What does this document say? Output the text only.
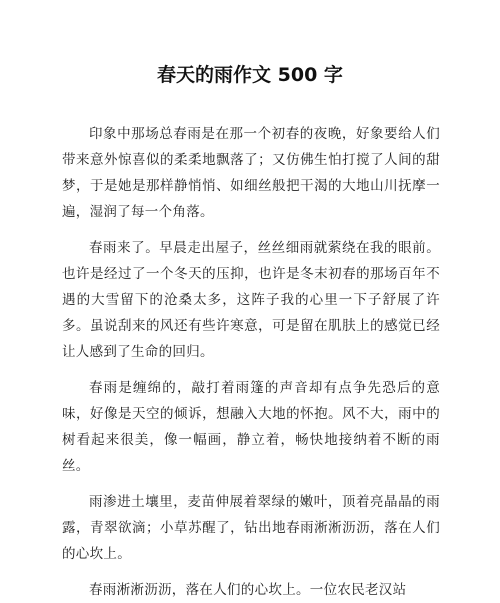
春天的雨作文 500 字

印象中那场总春雨是在那一个初春的夜晚，好象要给人们带来意外惊喜似的柔柔地飘落了；又仿佛生怕打搅了人间的甜梦，于是她是那样静悄悄、如细丝般把干渴的大地山川抚摩一遍，湿润了每一个角落。

春雨来了。早晨走出屋子，丝丝细雨就萦绕在我的眼前。也许是经过了一个冬天的压抑，也许是冬末初春的那场百年不遇的大雪留下的沧桑太多，这阵子我的心里一下子舒展了许多。虽说刮来的风还有些许寒意，可是留在肌肤上的感觉已经让人感到了生命的回归。

春雨是缠绵的，敲打着雨篷的声音却有点争先恐后的意味，好像是天空的倾诉，想融入大地的怀抱。风不大，雨中的树看起来很美，像一幅画，静立着，畅快地接纳着不断的雨丝。

雨渗进土壤里，麦苗伸展着翠绿的嫩叶，顶着亮晶晶的雨露，青翠欲滴；小草苏醒了，钻出地春雨淅淅沥沥，落在人们的心坎上。

春雨淅淅沥沥，落在人们的心坎上。一位农民老汉站
